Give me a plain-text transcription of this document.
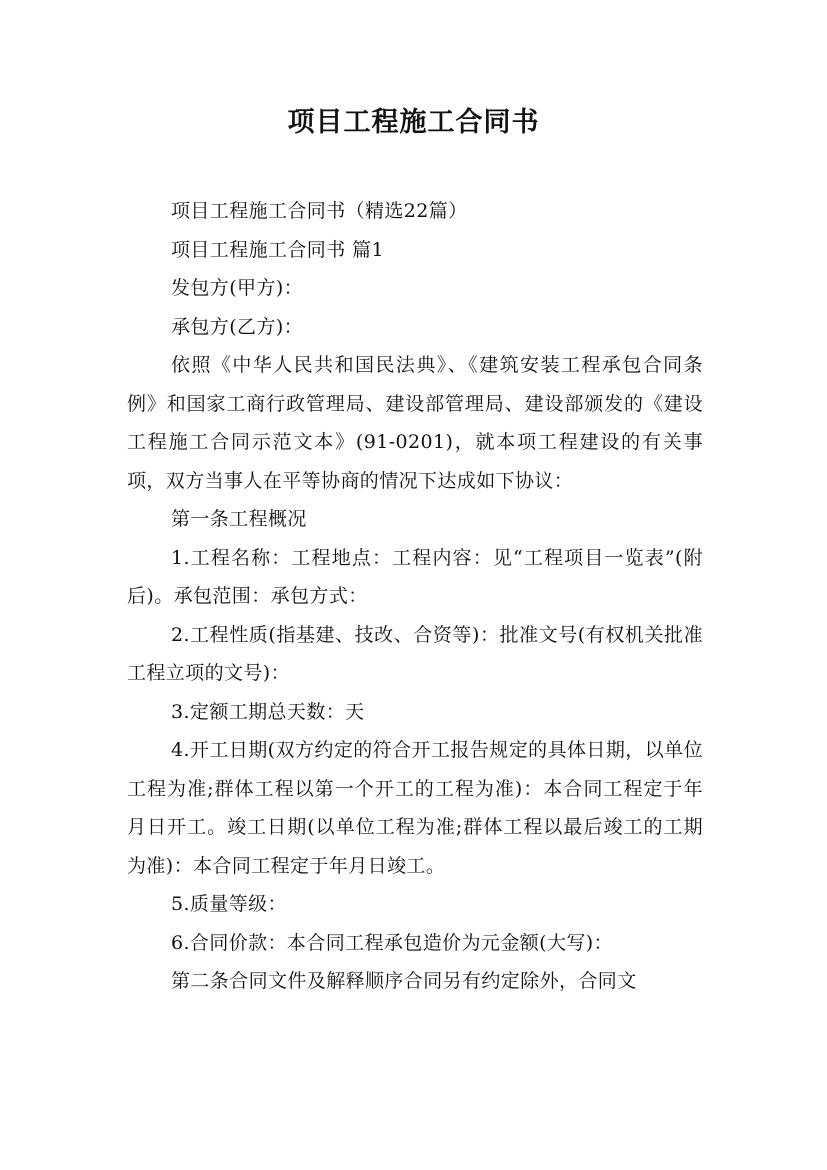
项目工程施工合同书

项目工程施工合同书（精选22篇）

项目工程施工合同书 篇1

发包方(甲方)：

承包方(乙方)：

依照《中华人民共和国民法典》、《建筑安装工程承包合同条例》和国家工商行政管理局、建设部管理局、建设部颁发的《建设工程施工合同示范文本》(91-0201)，就本项工程建设的有关事项，双方当事人在平等协商的情况下达成如下协议：

第一条工程概况

1.工程名称：工程地点：工程内容：见“工程项目一览表”(附后)。承包范围：承包方式：

2.工程性质(指基建、技改、合资等)：批准文号(有权机关批准工程立项的文号)：

3.定额工期总天数：天

4.开工日期(双方约定的符合开工报告规定的具体日期，以单位工程为准;群体工程以第一个开工的工程为准)：本合同工程定于年月日开工。竣工日期(以单位工程为准;群体工程以最后竣工的工期为准)：本合同工程定于年月日竣工。

5.质量等级：

6.合同价款：本合同工程承包造价为元金额(大写)：

第二条合同文件及解释顺序合同另有约定除外，合同文
